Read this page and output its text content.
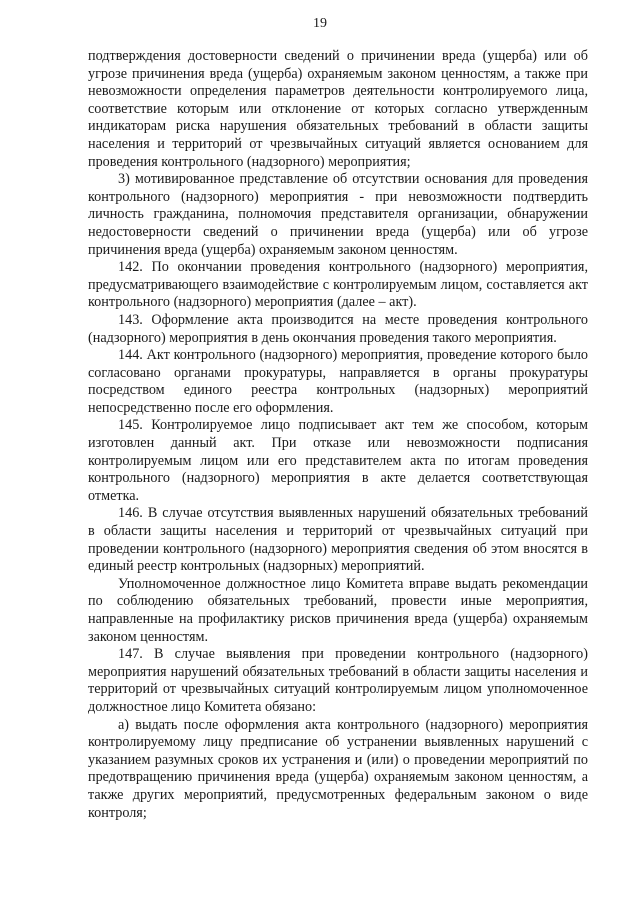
19

подтверждения достоверности сведений о причинении вреда (ущерба) или об угрозе причинения вреда (ущерба) охраняемым законом ценностям, а также при невозможности определения параметров деятельности контролируемого лица, соответствие которым или отклонение от которых согласно утвержденным индикаторам риска нарушения обязательных требований в области защиты населения и территорий от чрезвычайных ситуаций является основанием для проведения контрольного (надзорного) мероприятия;

3) мотивированное представление об отсутствии основания для проведения контрольного (надзорного) мероприятия - при невозможности подтвердить личность гражданина, полномочия представителя организации, обнаружении недостоверности сведений о причинении вреда (ущерба) или об угрозе причинения вреда (ущерба) охраняемым законом ценностям.

142. По окончании проведения контрольного (надзорного) мероприятия, предусматривающего взаимодействие с контролируемым лицом, составляется акт контрольного (надзорного) мероприятия (далее – акт).

143. Оформление акта производится на месте проведения контрольного (надзорного) мероприятия в день окончания проведения такого мероприятия.

144. Акт контрольного (надзорного) мероприятия, проведение которого было согласовано органами прокуратуры, направляется в органы прокуратуры посредством единого реестра контрольных (надзорных) мероприятий непосредственно после его оформления.

145. Контролируемое лицо подписывает акт тем же способом, которым изготовлен данный акт. При отказе или невозможности подписания контролируемым лицом или его представителем акта по итогам проведения контрольного (надзорного) мероприятия в акте делается соответствующая отметка.

146. В случае отсутствия выявленных нарушений обязательных требований в области защиты населения и территорий от чрезвычайных ситуаций при проведении контрольного (надзорного) мероприятия сведения об этом вносятся в единый реестр контрольных (надзорных) мероприятий.

Уполномоченное должностное лицо Комитета вправе выдать рекомендации по соблюдению обязательных требований, провести иные мероприятия, направленные на профилактику рисков причинения вреда (ущерба) охраняемым законом ценностям.

147. В случае выявления при проведении контрольного (надзорного) мероприятия нарушений обязательных требований в области защиты населения и территорий от чрезвычайных ситуаций контролируемым лицом уполномоченное должностное лицо Комитета обязано:

а) выдать после оформления акта контрольного (надзорного) мероприятия контролируемому лицу предписание об устранении выявленных нарушений с указанием разумных сроков их устранения и (или) о проведении мероприятий по предотвращению причинения вреда (ущерба) охраняемым законом ценностям, а также других мероприятий, предусмотренных федеральным законом о виде контроля;
